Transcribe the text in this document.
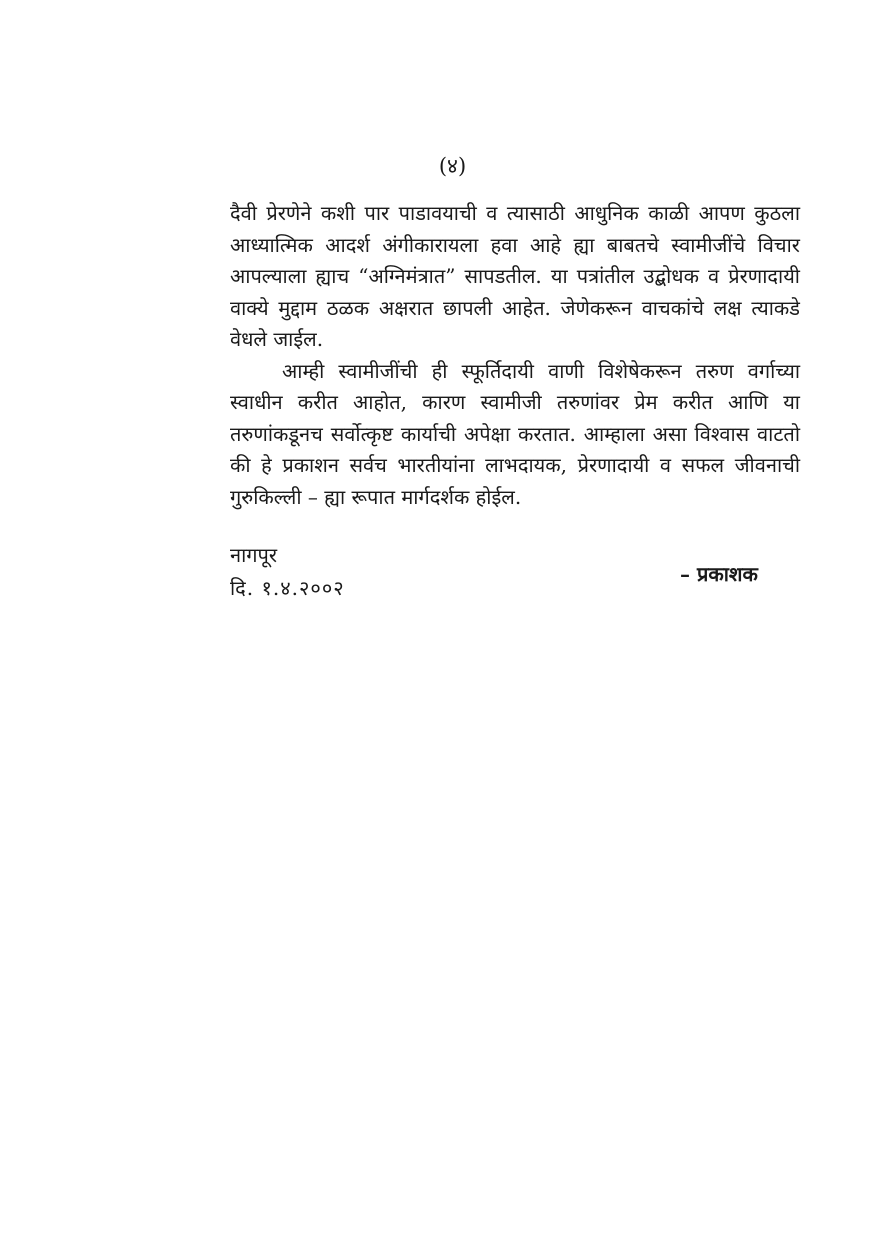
(४)

दैवी प्रेरणेने कशी पार पाडावयाची व त्यासाठी आधुनिक काळी आपण कुठला आध्यात्मिक आदर्श अंगीकारायला हवा आहे ह्या बाबतचे स्वामीजींचे विचार आपल्याला ह्याच “अग्निमंत्रात” सापडतील. या पत्रांतील उद्बोधक व प्रेरणादायी वाक्ये मुद्दाम ठळक अक्षरात छापली आहेत. जेणेकरून वाचकांचे लक्ष त्याकडे वेधले जाईल.

आम्ही स्वामीजींची ही स्फूर्तिदायी वाणी विशेषेकरून तरुण वर्गाच्या स्वाधीन करीत आहोत, कारण स्वामीजी तरुणांवर प्रेम करीत आणि या तरुणांकडूनच सर्वोत्कृष्ट कार्याची अपेक्षा करतात. आम्हाला असा विश्वास वाटतो की हे प्रकाशन सर्वच भारतीयांना लाभदायक, प्रेरणादायी व सफल जीवनाची गुरुकिल्ली – ह्या रूपात मार्गदर्शक होईल.

नागपूर
दि. १.४.२००२
– प्रकाशक
